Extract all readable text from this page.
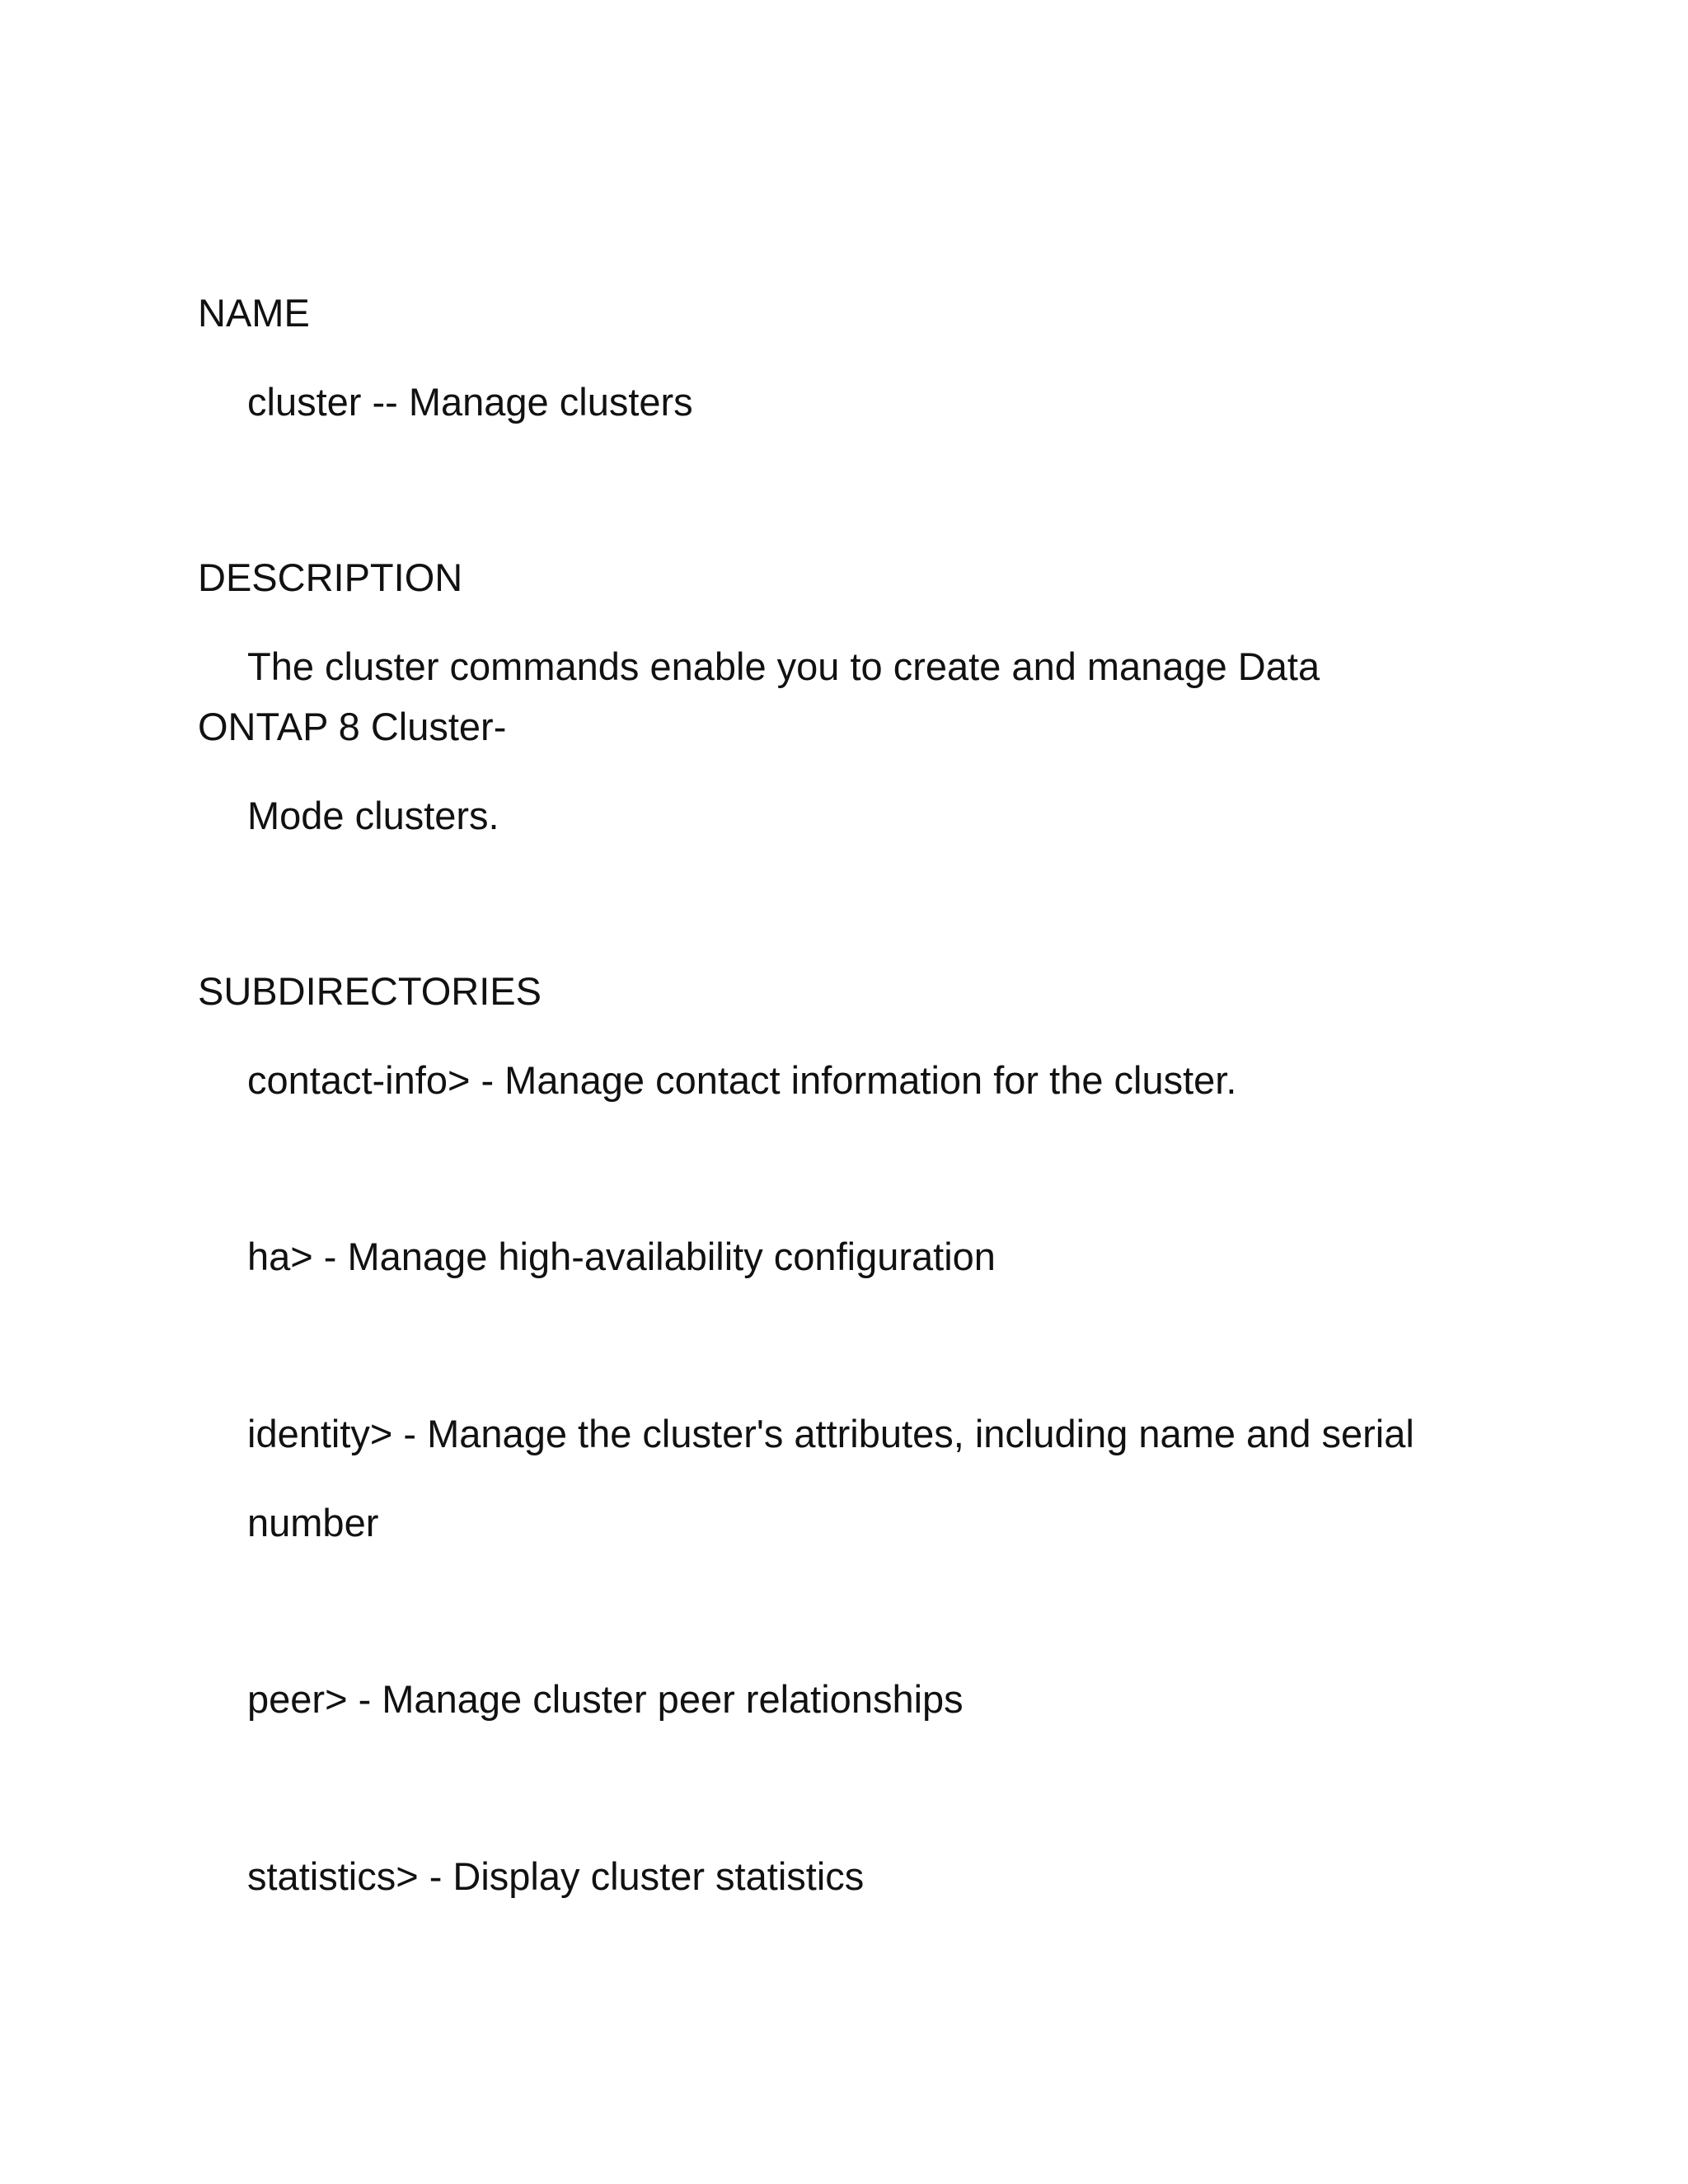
NAME
cluster -- Manage clusters
DESCRIPTION
The cluster commands enable you to create and manage Data
ONTAP 8 Cluster-
Mode clusters.
SUBDIRECTORIES
contact-info> - Manage contact information for the cluster.
ha> - Manage high-availability configuration
identity> - Manage the cluster's attributes, including name and serial
number
peer> - Manage cluster peer relationships
statistics> - Display cluster statistics
